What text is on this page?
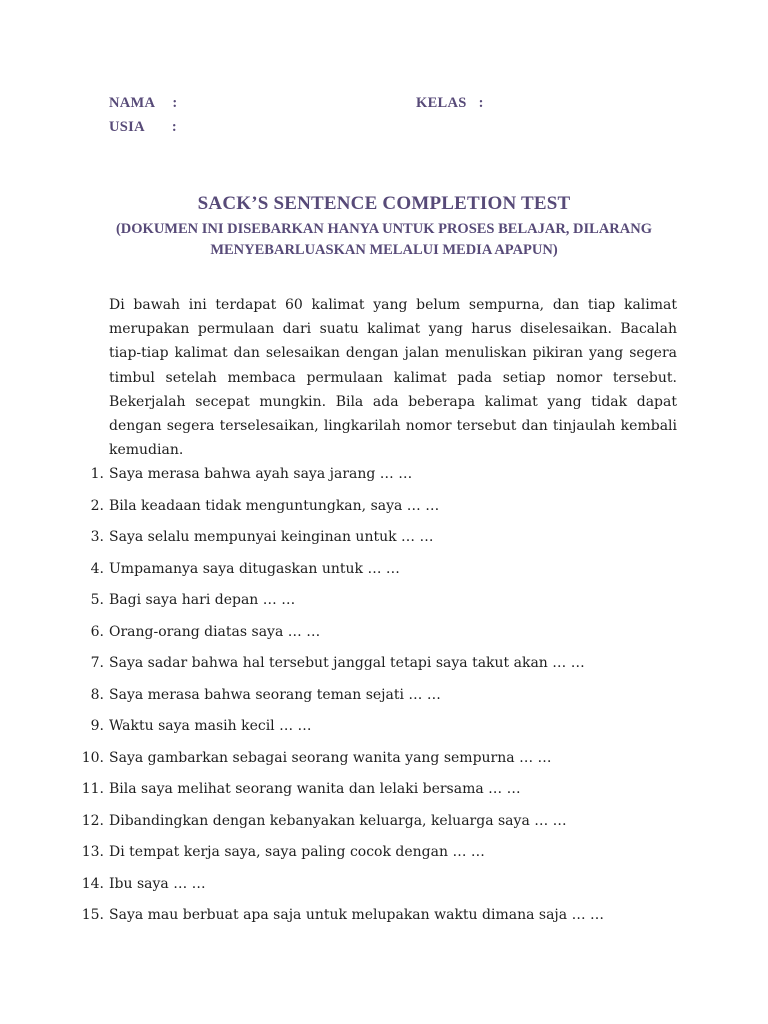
NAMA :
USIA :
KELAS :
SACK’S SENTENCE COMPLETION TEST
(DOKUMEN INI DISEBARKAN HANYA UNTUK PROSES BELAJAR, DILARANG MENYEBARLUASKAN MELALUI MEDIA APAPUN)

Di bawah ini terdapat 60 kalimat yang belum sempurna, dan tiap kalimat merupakan permulaan dari suatu kalimat yang harus diselesaikan. Bacalah tiap-tiap kalimat dan selesaikan dengan jalan menuliskan pikiran yang segera timbul setelah membaca permulaan kalimat pada setiap nomor tersebut. Bekerjalah secepat mungkin. Bila ada beberapa kalimat yang tidak dapat dengan segera terselesaikan, lingkarilah nomor tersebut dan tinjaulah kembali kemudian.

1. Saya merasa bahwa ayah saya jarang … …
2. Bila keadaan tidak menguntungkan, saya … …
3. Saya selalu mempunyai keinginan untuk … …
4. Umpamanya saya ditugaskan untuk … …
5. Bagi saya hari depan … …
6. Orang-orang diatas saya … …
7. Saya sadar bahwa hal tersebut janggal tetapi saya takut akan … …
8. Saya merasa bahwa seorang teman sejati … …
9. Waktu saya masih kecil … …
10. Saya gambarkan sebagai seorang wanita yang sempurna … …
11. Bila saya melihat seorang wanita dan lelaki bersama … …
12. Dibandingkan dengan kebanyakan keluarga, keluarga saya … …
13. Di tempat kerja saya, saya paling cocok dengan … …
14. Ibu saya … …
15. Saya mau berbuat apa saja untuk melupakan waktu dimana saja … …
